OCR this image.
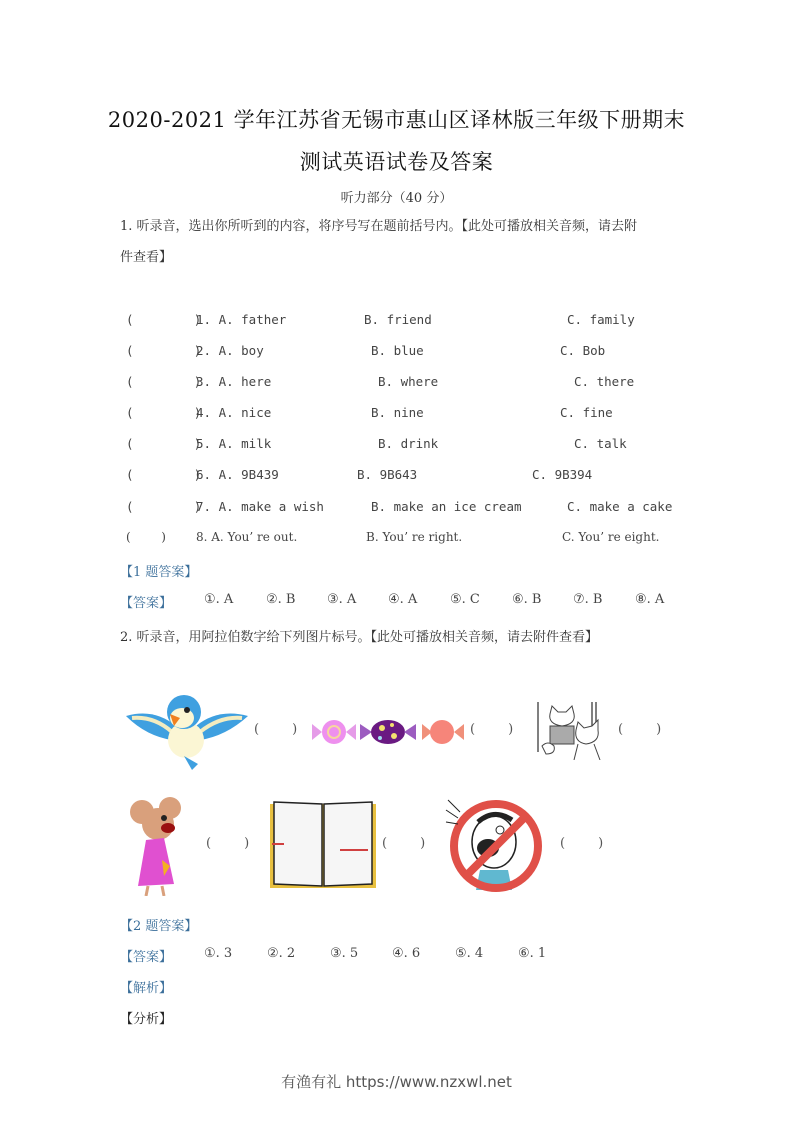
2020-2021 学年江苏省无锡市惠山区译林版三年级下册期末
测试英语试卷及答案
听力部分（40 分）
1. 听录音，选出你所听到的内容，将序号写在题前括号内。【此处可播放相关音频，请去附
件查看】

(        )

1. A. father

	B. friend

	C. family

(        )

2. A. boy

	B. blue

	C. Bob

(        )

3. A. here

	B. where

	C. there

(        )

4. A. nice

	B. nine

	C. fine

(        )

5. A. milk

	B. drink

	C. talk

(        )

6. A. 9B439

	B. 9B643

	C. 9B394

(        )

7. A. make a wish

	B. make an ice cream

	C. make a cake

(        )

	8. A. You’ re out.

	B. You’ re right.

	C. You’ re eight.

【1 题答案】
【答案】 ①. A	②. B ③. A ④. A	⑤. C ⑥. B ⑦. B	⑧. A
2. 听录音，用阿拉伯数字给下列图片标号。【此处可播放相关音频，请去附件查看】
(        )	(        )	(        )
(        )	(        )	(        )
【2 题答案】
【答案】 ①. 3	②. 2	③. 5	④. 6	⑤. 4	⑥. 1
【解析】
【分析】
有渔有礼 https://www.nzxwl.net
